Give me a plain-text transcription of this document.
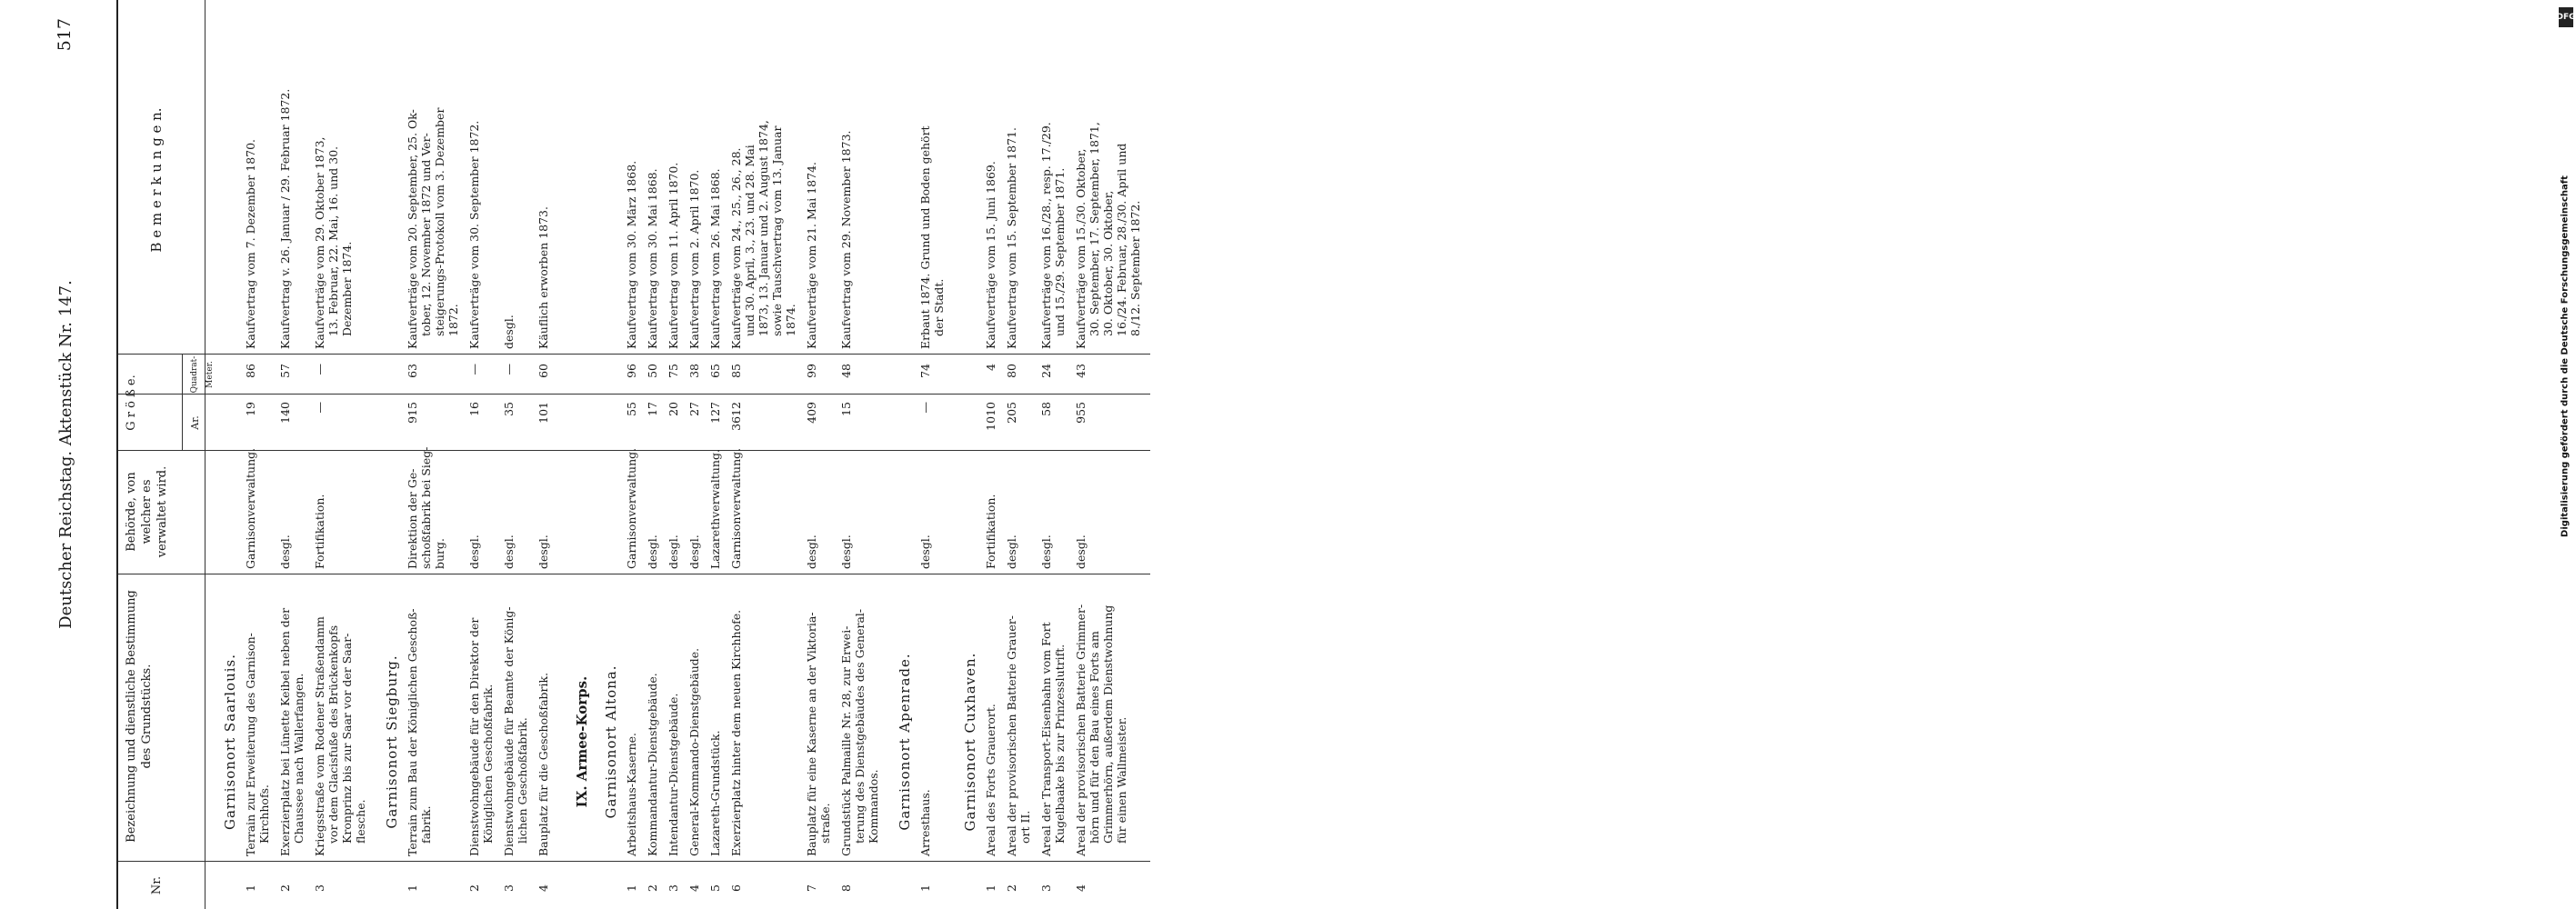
DFG
Digitalisierung gefördert durch die Deutsche Forschungsgemeinschaft
Deutscher Reichstag. Aktenstück Nr. 147.
517
Nr.
Bezeichnung und dienstliche Bestimmung des Grundstücks.
Behörde, von welcher es verwaltet wird.
G r ö ß e.	Ar.
Quadrat-Meter.
B e m e r k u n g e n.
Garnisonort Saarlouis.
1
Terrain zur Erweiterung des Garnison- Kirchhofs.
Garnisonverwaltung.
19
86
Kaufvertrag vom 7. Dezember 1870.
2
Exerzierplatz bei Lünette Keibel neben der Chaussee nach Wallerfangen.
desgl.
140
57
Kaufvertrag v. 26. Januar / 29. Februar 1872.
3
Kriegsstraße vom Rodener Straßendamm vor dem Glacisfuße des Brückenkopfs Kronprinz bis zur Saar vor der Saar- flesche.
Fortifikation.
—
—
Kaufverträge vom 29. Oktober 1873, 13. Februar, 22. Mai, 16. und 30. Dezember 1874.
Garnisonort Siegburg.
1
Terrain zum Bau der Königlichen Geschoß- fabrik.
Direktion der Ge- schoßfabrik bei Sieg- burg.
915
63
Kaufverträge vom 20. September, 25. Ok- tober, 12. November 1872 und Ver- steigerungs-Protokoll vom 3. Dezember 1872.
2
Dienstwohngebäude für den Direktor der Königlichen Geschoßfabrik.
desgl.
16
—
Kaufverträge vom 30. September 1872.
3
Dienstwohngebäude für Beamte der König- lichen Geschoßfabrik.
desgl.
35
—
desgl.
4
Bauplatz für die Geschoßfabrik.
desgl.
101
60
Käuflich erworben 1873.
IX. Armee-Korps. Garnisonort Altona.
1
Arbeitshaus-Kaserne.
Garnisonverwaltung.
55
96
Kaufvertrag vom 30. März 1868.
2
Kommandantur-Dienstgebäude.
desgl.
17
50
Kaufvertrag vom 30. Mai 1868.
3
Intendantur-Dienstgebäude.
desgl.
20
75
Kaufvertrag vom 11. April 1870.
4
General-Kommando-Dienstgebäude.
desgl.
27
38
Kaufvertrag vom 2. April 1870.
5
Lazareth-Grundstück.
Lazarethverwaltung.
127
65
Kaufvertrag vom 26. Mai 1868.
6
Exerzierplatz hinter dem neuen Kirchhofe.
Garnisonverwaltung.
3612
85
Kaufverträge vom 24., 25., 26., 28. und 30. April, 3., 23. und 28. Mai 1873, 13. Januar und 2. August 1874, sowie Tauschvertrag vom 13. Januar 1874.
7
Bauplatz für eine Kaserne an der Viktoria- straße.
desgl.
409
99
Kaufverträge vom 21. Mai 1874.
8
Grundstück Palmaille Nr. 28, zur Erwei- terung des Dienstgebäudes des General- Kommandos.
desgl.
15
48
Kaufvertrag vom 29. November 1873.
Garnisonort Apenrade.
1
Arresthaus.
desgl.
—
74
Erbaut 1874. Grund und Boden gehört der Stadt.
Garnisonort Cuxhaven.
1
Areal des Forts Grauerort.
Fortifikation.
1010
4
Kaufverträge vom 15. Juni 1869.
2
Areal der provisorischen Batterie Grauer- ort II.
desgl.
205
80
Kaufvertrag vom 15. September 1871.
3
Areal der Transport-Eisenbahn vom Fort Kugelbaake bis zur Prinzesslutrift.
desgl.
58
24
Kaufverträge vom 16./28., resp. 17./29. und 15./29. September 1871.
4
Areal der provisorischen Batterie Grimmer- hörn und für den Bau eines Forts am Grimmerhörn, außerdem Dienstwohnung für einen Wallmeister.
desgl.
955
43
Kaufverträge vom 15./30. Oktober, 30. September, 17. September, 1871, 30. Oktober, 30. Oktober, 16./24. Februar, 28./30. April und 8./12. September 1872.
